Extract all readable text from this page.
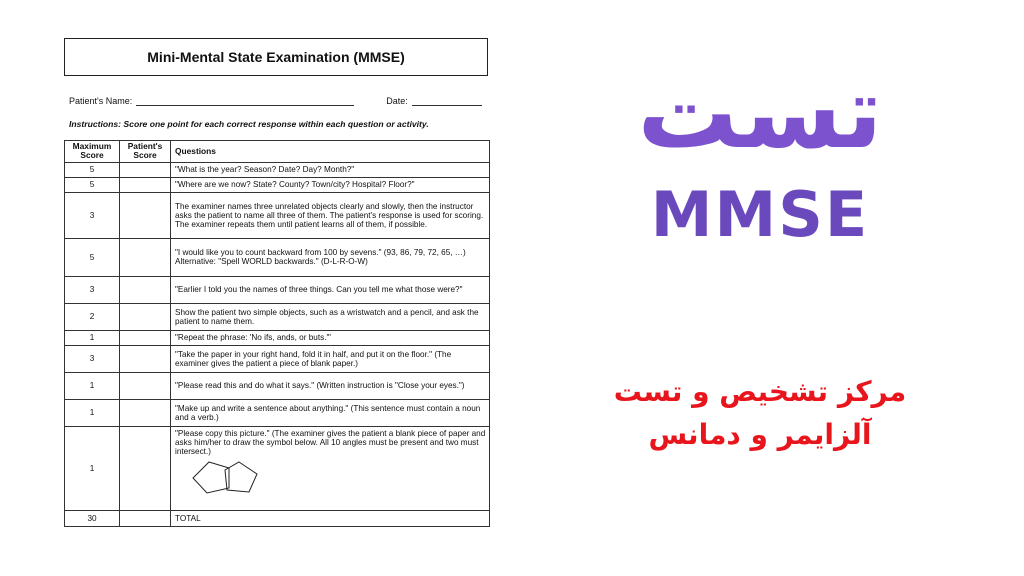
Mini-Mental State Examination (MMSE)
Patient's Name:	Date:
Instructions: Score one point for each correct response within each question or activity.
Maximum Score	Patient's Score	Questions
5		"What is the year? Season? Date? Day? Month?"
5		"Where are we now? State? County? Town/city? Hospital? Floor?"
3		The examiner names three unrelated objects clearly and slowly, then the instructor asks the patient to name all three of them. The patient's response is used for scoring. The examiner repeats them until patient learns all of them, if possible.
5		"I would like you to count backward from 100 by sevens." (93, 86, 79, 72, 65, …)
Alternative: "Spell WORLD backwards." (D-L-R-O-W)

3		"Earlier I told you the names of three things. Can you tell me what those were?"
2		Show the patient two simple objects, such as a wristwatch and a pencil, and ask the patient to name them.
1		"Repeat the phrase: 'No ifs, ands, or buts.'"
3		"Take the paper in your right hand, fold it in half, and put it on the floor." (The examiner gives the patient a piece of blank paper.)
1		"Please read this and do what it says." (Written instruction is "Close your eyes.")
1		"Make up and write a sentence about anything." (This sentence must contain a noun and a verb.)
1		"Please copy this picture." (The examiner gives the patient a blank piece of paper and asks him/her to draw the symbol below. All 10 angles must be present and two must intersect.)

30		TOTAL
تست
MMSE
مرکز تشخیص و تست
آلزایمر و دمانس
